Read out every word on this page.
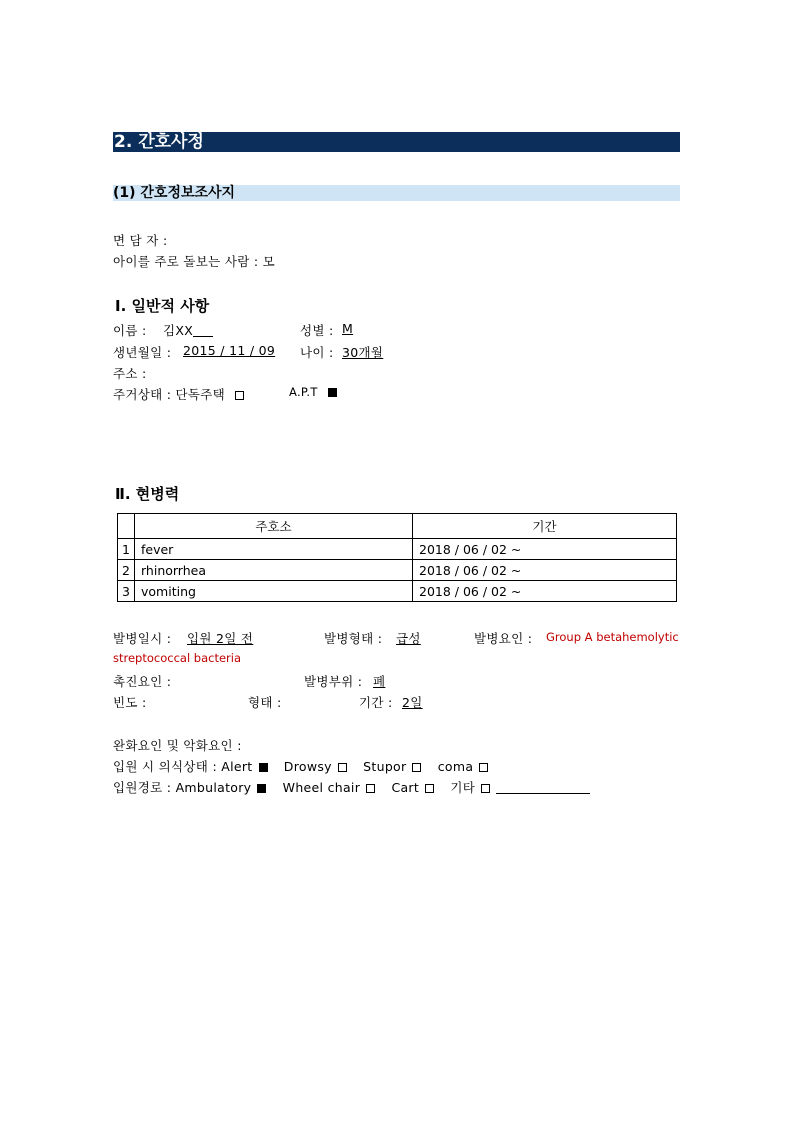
2. 간호사정
(1) 간호정보조사지
면 담 자 :
아이를 주로 돌보는 사람 : 모
Ⅰ. 일반적 사항
이름 : 김XX	성별 : M
생년월일 : 2015 / 11 / 09 나이 : 30개월
주소 :
주거상태 : 단독주택	A.P.T
Ⅱ. 현병력
	주호소	기간
1	fever	2018 / 06 / 02 ~
2	rhinorrhea	2018 / 06 / 02 ~
3	vomiting	2018 / 06 / 02 ~
발병일시 : 입원 2일 전	발병형태 : 급성	발병요인 : Group A betahemolytic
streptococcal bacteria
촉진요인 :	발병부위 : 폐
빈도 :	형태 :	기간 : 2일
완화요인 및 악화요인 :
입원 시 의식상태 : Alert	Drowsy	Stupor	coma
입원경로 : Ambulatory	Wheel chair	Cart	기타
